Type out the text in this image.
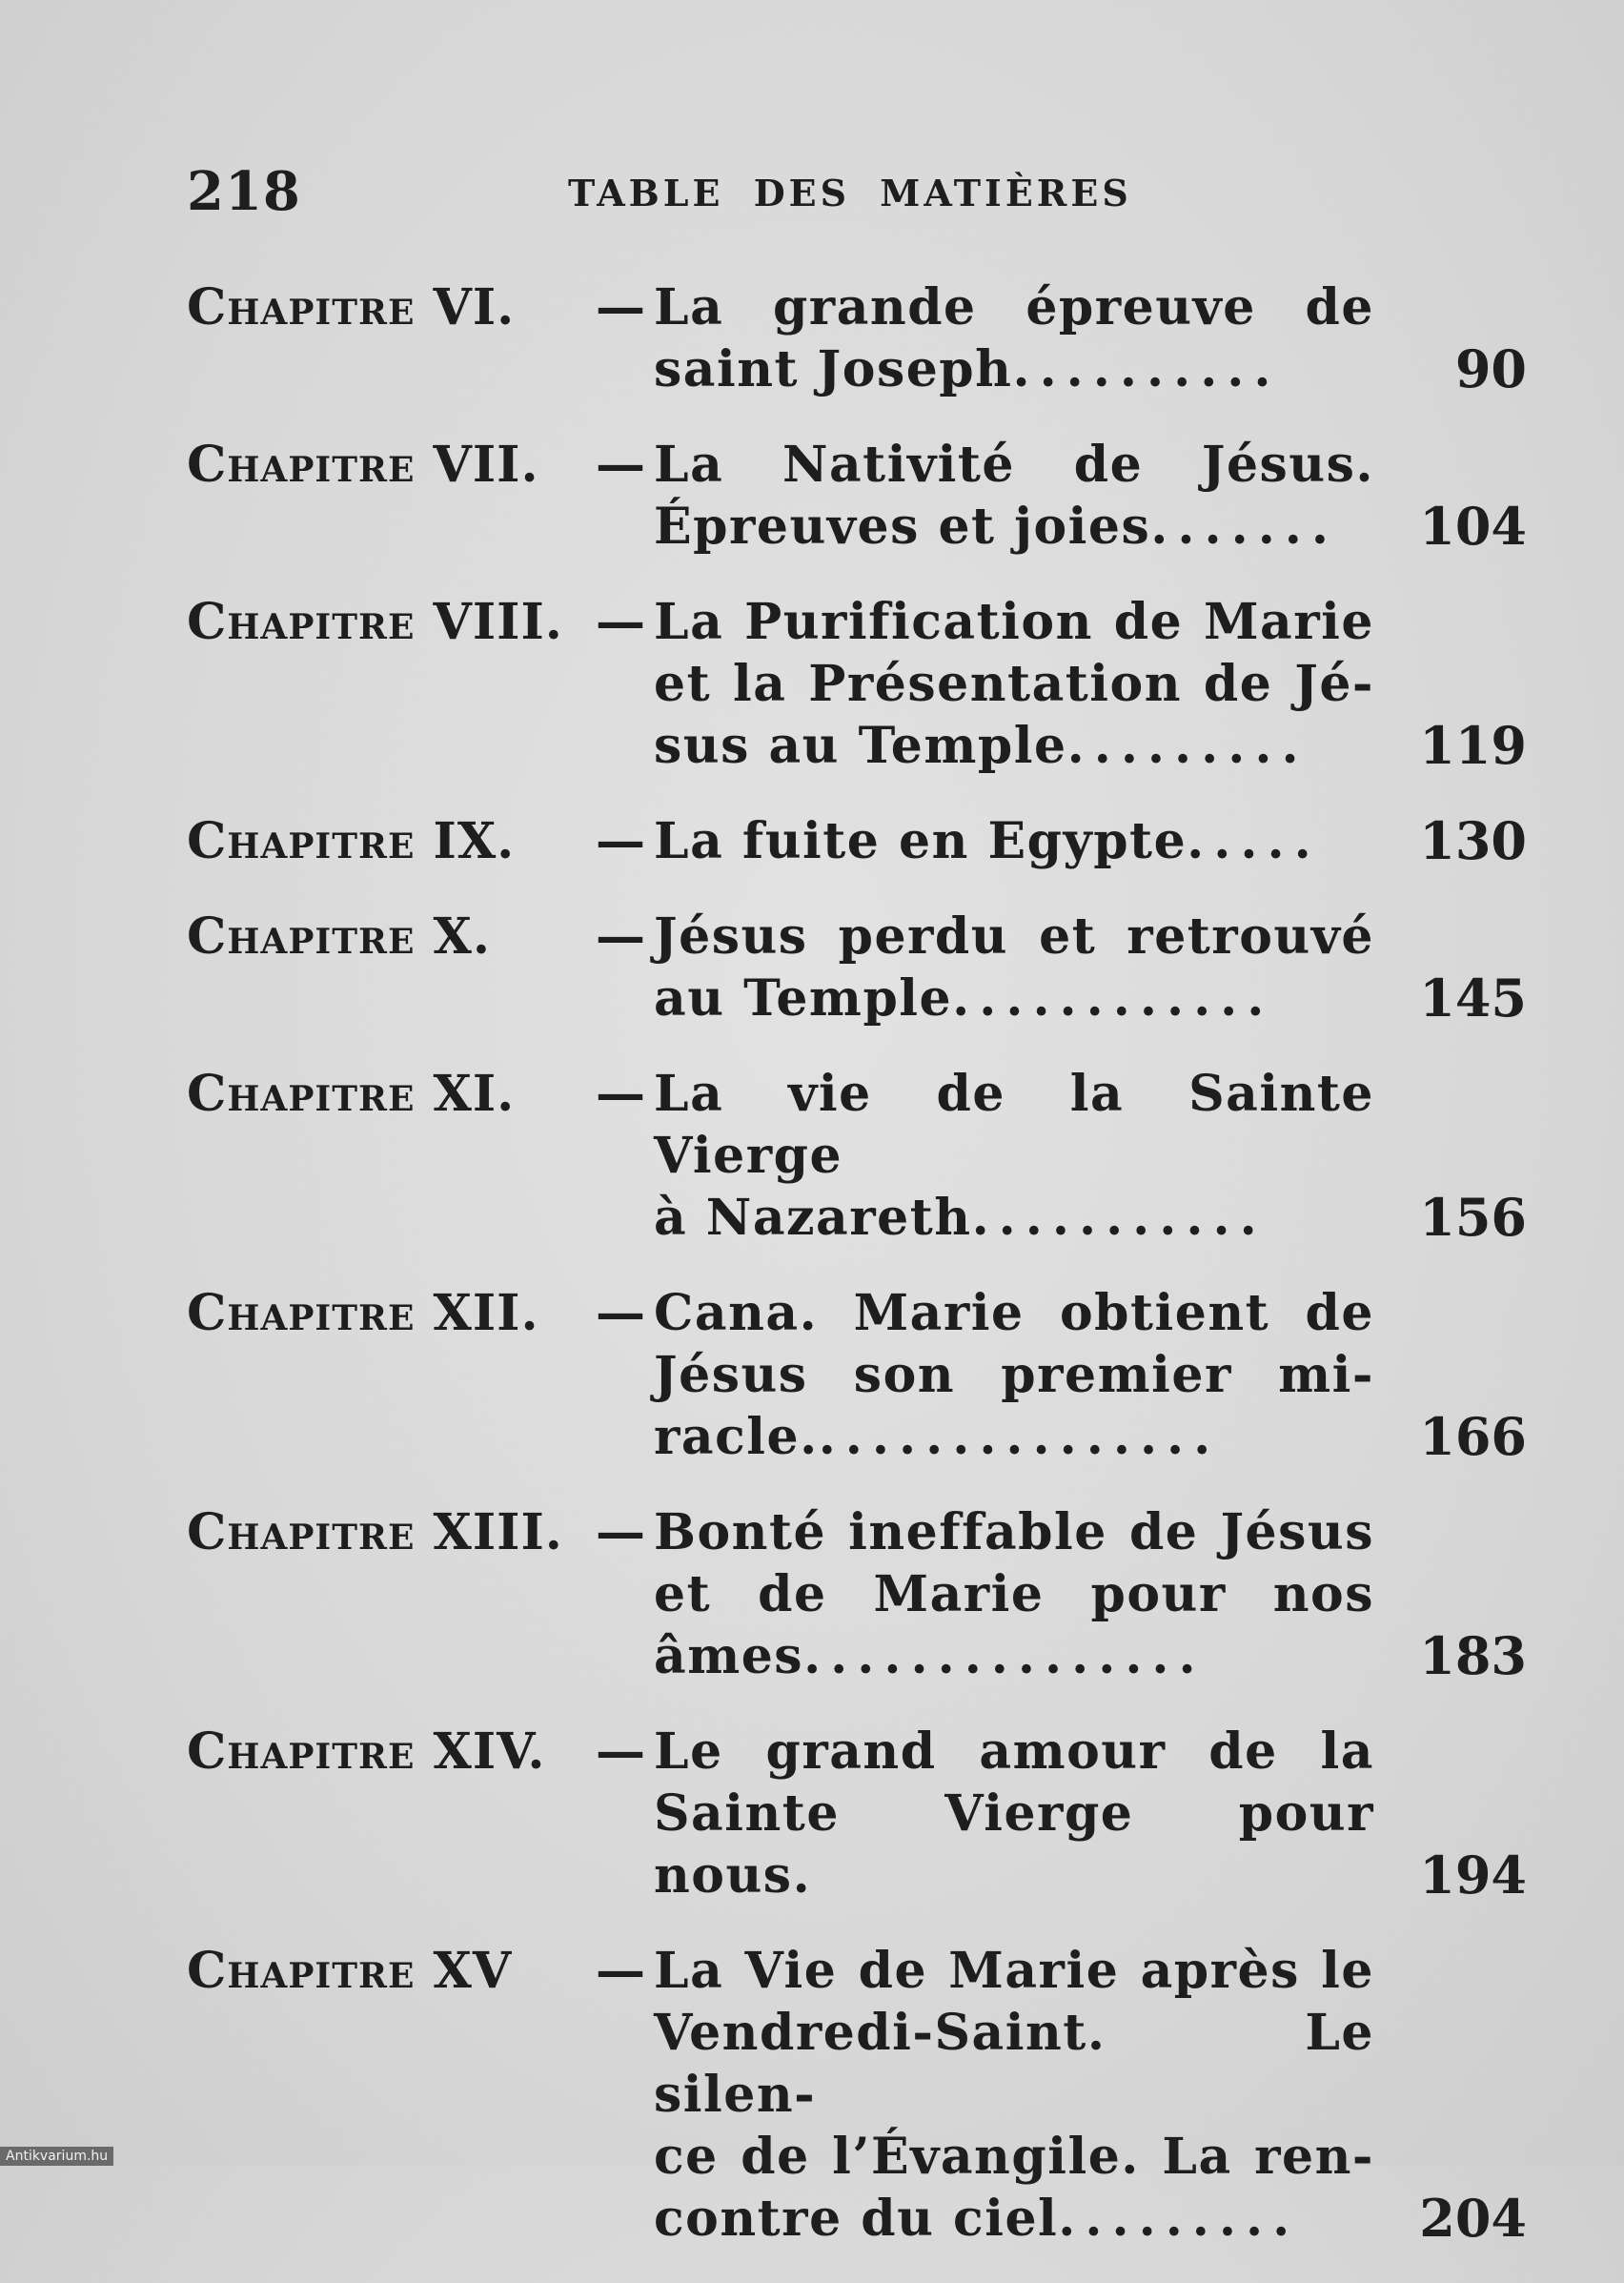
218	TABLE DES MATIÈRES
Chapitre VI. — La grande épreuve de
saint Joseph..........	90
Chapitre VII. — La Nativité de Jésus.
Épreuves et joies.......	104
Chapitre VIII. — La Purification de Marie
et la Présentation de Jé-
sus au Temple.........	119
Chapitre IX. — La fuite en Egypte.....	130
Chapitre X. — Jésus perdu et retrouvé
au Temple............	145
Chapitre XI. — La vie de la Sainte Vierge
à Nazareth...........	156
Chapitre XII. — Cana. Marie obtient de
Jésus son premier mi-
racle................	166
Chapitre XIII. — Bonté ineffable de Jésus
et de Marie pour nos
âmes...............	183
Chapitre XIV. — Le grand amour de la
Sainte Vierge pour nous.	194
Chapitre XV — La Vie de Marie après le
Vendredi-Saint. Le silen-
ce de l’Évangile. La ren-
contre du ciel.........	204
Antikvarium.hu
